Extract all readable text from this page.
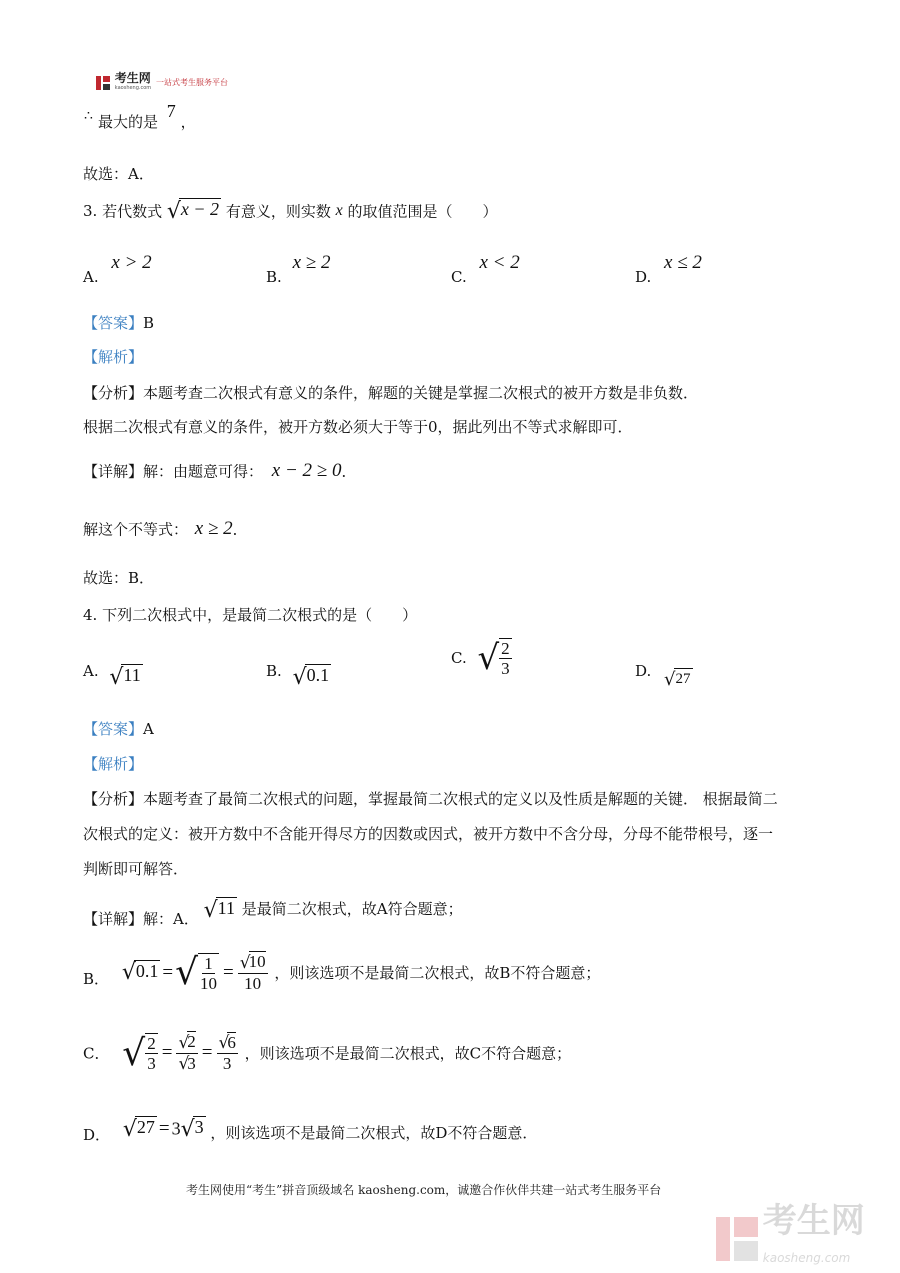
考生网
kaosheng.com
一站式考生服务平台
∴ 最大的是 7 ，
故选：A．
3. 若代数式 √x − 2 有意义，则实数 x 的取值范围是（　　）
A. x > 2
B. x ≥ 2
C. x < 2
D. x ≤ 2
【答案】B
【解析】
【分析】本题考查二次根式有意义的条件，解题的关键是掌握二次根式的被开方数是非负数．
根据二次根式有意义的条件，被开方数必须大于等于0，据此列出不等式求解即可．
【详解】解：由题意可得： x − 2 ≥ 0．
解这个不等式： x ≥ 2．
故选：B．
4. 下列二次根式中，是最简二次根式的是（　　）
A. √11	B. √0.1
C. √ $\frac{2}{3}$	D. √27
【答案】A
【解析】
【分析】本题考查了最简二次根式的问题，掌握最简二次根式的定义以及性质是解题的关键． 根据最简二
次根式的定义：被开方数中不含能开得尽方的因数或因式，被开方数中不含分母，分母不能带根号，逐一
判断即可解答．
【详解】解：A． √11 是最简二次根式，故A符合题意；
B． √0.1 =√ $\frac{1}{10} = \frac{√10}{10}$ ，则该选项不是最简二次根式，故B不符合题意；
C． √ $\frac{2}{3} = \frac{√2}{√3} = \frac{√6}{3}$ ，则该选项不是最简二次根式，故C不符合题意；
D． √27 = 3√3 ，则该选项不是最简二次根式，故D不符合题意．
考生网使用“考生”拼音顶级域名 kaosheng.com，诚邀合作伙伴共建一站式考生服务平台
考生网
kaosheng.com
